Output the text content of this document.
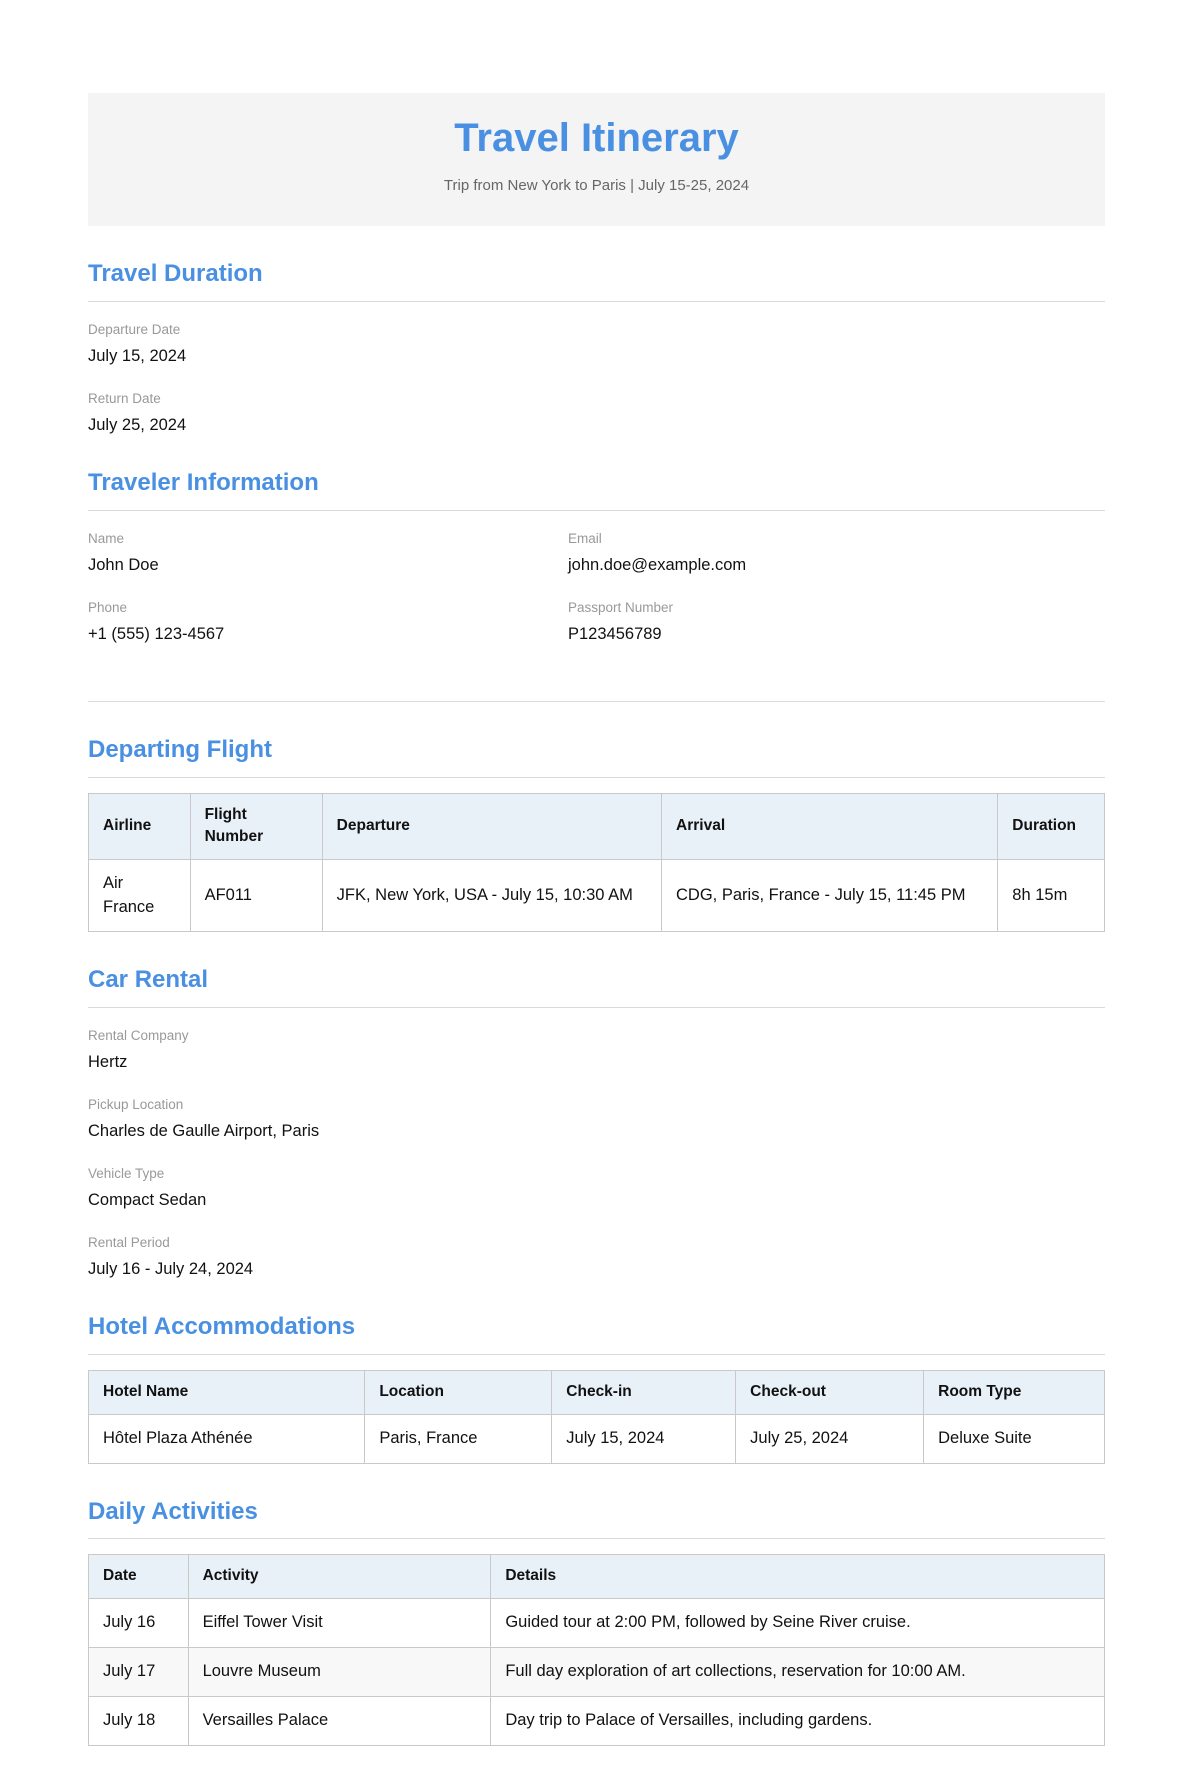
Travel Itinerary
Trip from New York to Paris | July 15-25, 2024
Travel Duration
Departure Date
July 15, 2024
Return Date
July 25, 2024
Traveler Information
Name
John Doe
Email
john.doe@example.com
Phone
+1 (555) 123-4567
Passport Number
P123456789
Departing Flight
Airline	Flight Number	Departure	Arrival	Duration
Air France	AF011	JFK, New York, USA - July 15, 10:30 AM	CDG, Paris, France - July 15, 11:45 PM	8h 15m
Car Rental
Rental Company
Hertz
Pickup Location
Charles de Gaulle Airport, Paris
Vehicle Type
Compact Sedan
Rental Period
July 16 - July 24, 2024
Hotel Accommodations
Hotel Name	Location	Check-in	Check-out	Room Type
Hôtel Plaza Athénée	Paris, France	July 15, 2024	July 25, 2024	Deluxe Suite
Daily Activities
Date	Activity	Details
July 16	Eiffel Tower Visit	Guided tour at 2:00 PM, followed by Seine River cruise.
July 17	Louvre Museum	Full day exploration of art collections, reservation for 10:00 AM.
July 18	Versailles Palace	Day trip to Palace of Versailles, including gardens.
